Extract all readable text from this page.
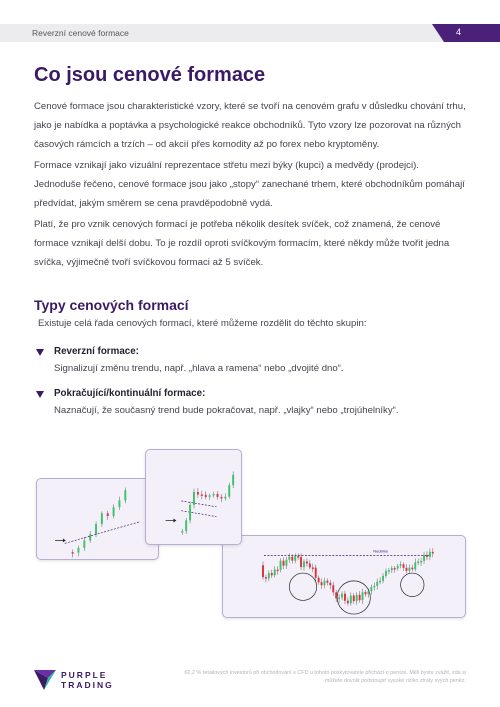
Reverzní cenové formace	4
Co jsou cenové formace

Cenové formace jsou charakteristické vzory, které se tvoří na cenovém grafu v důsledku chování trhu, jako je nabídka a poptávka a psychologické reakce obchodníků. Tyto vzory lze pozorovat na různých časových rámcích a trzích – od akcií přes komodity až po forex nebo kryptoměny.

Formace vznikají jako vizuální reprezentace střetu mezi býky (kupci) a medvědy (prodejci). Jednoduše řečeno, cenové formace jsou jako „stopy“ zanechané trhem, které obchodníkům pomáhají předvídat, jakým směrem se cena pravděpodobně vydá.

Platí, že pro vznik cenových formací je potřeba několik desítek svíček, což znamená, že cenové formace vznikají delší dobu. To je rozdíl oproti svíčkovým formacím, které někdy může tvořit jedna svíčka, výjimečně tvoří svíčkovou formaci až 5 svíček.

Typy cenových formací
Existuje celá řada cenových formací, které můžeme rozdělit do těchto skupin:
Reverzní formace:
Signalizují změnu trendu, např. „hlava a ramena“ nebo „dvojité dno“.
Pokračující/kontinuální formace:
Naznačují, že současný trend bude pokračovat, např. „vlajky“ nebo „trojúhelníky“.
Neckline
PURPLE
TRADING
62,2 % retailových investorů při obchodování s CFD u tohoto poskytovatele přichází o peníze. Měli byste zvážit, zda si můžete dovolit podstoupit vysoké riziko ztráty svých peněz.
